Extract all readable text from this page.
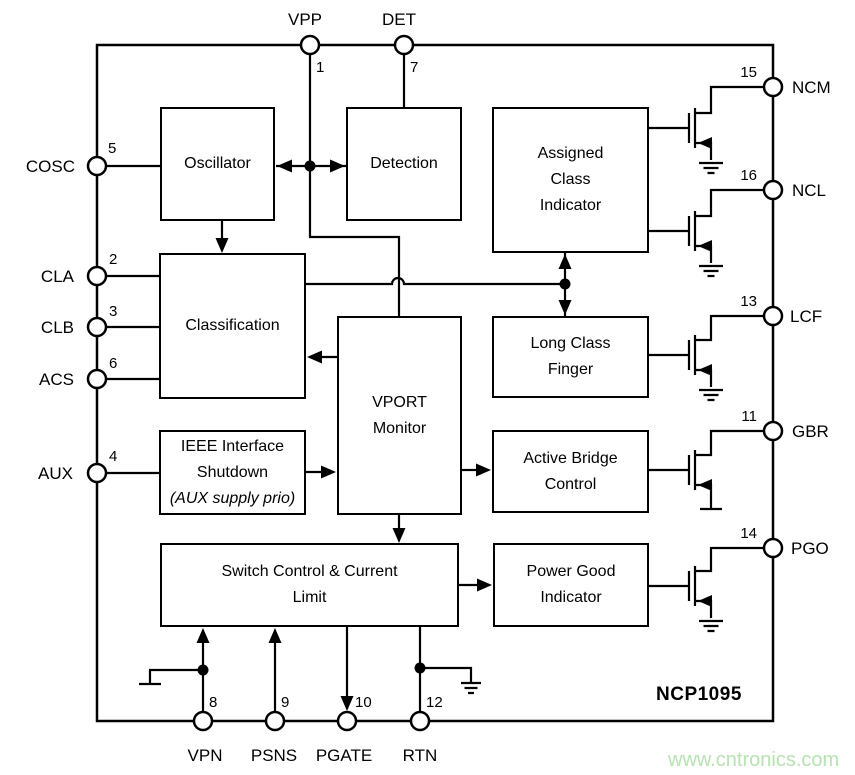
Oscillator	Detection
Assigned
Class
Indicator
Classification
VPORT
Monitor
Long Class
Finger
IEEE Interface
Shutdown
(AUX supply prio)
Active Bridge
Control
Switch Control & Current
Limit
Power Good
Indicator
VPP	DET
COSC
CLA
CLB
ACS
AUX
NCM
NCL
LCF
GBR
PGO
VPN PSNS PGATE RTN
1	7
5
2
3
6
4
15
16
13
11
14
8	9	10	12	NCP1095
www.cntronics.com
